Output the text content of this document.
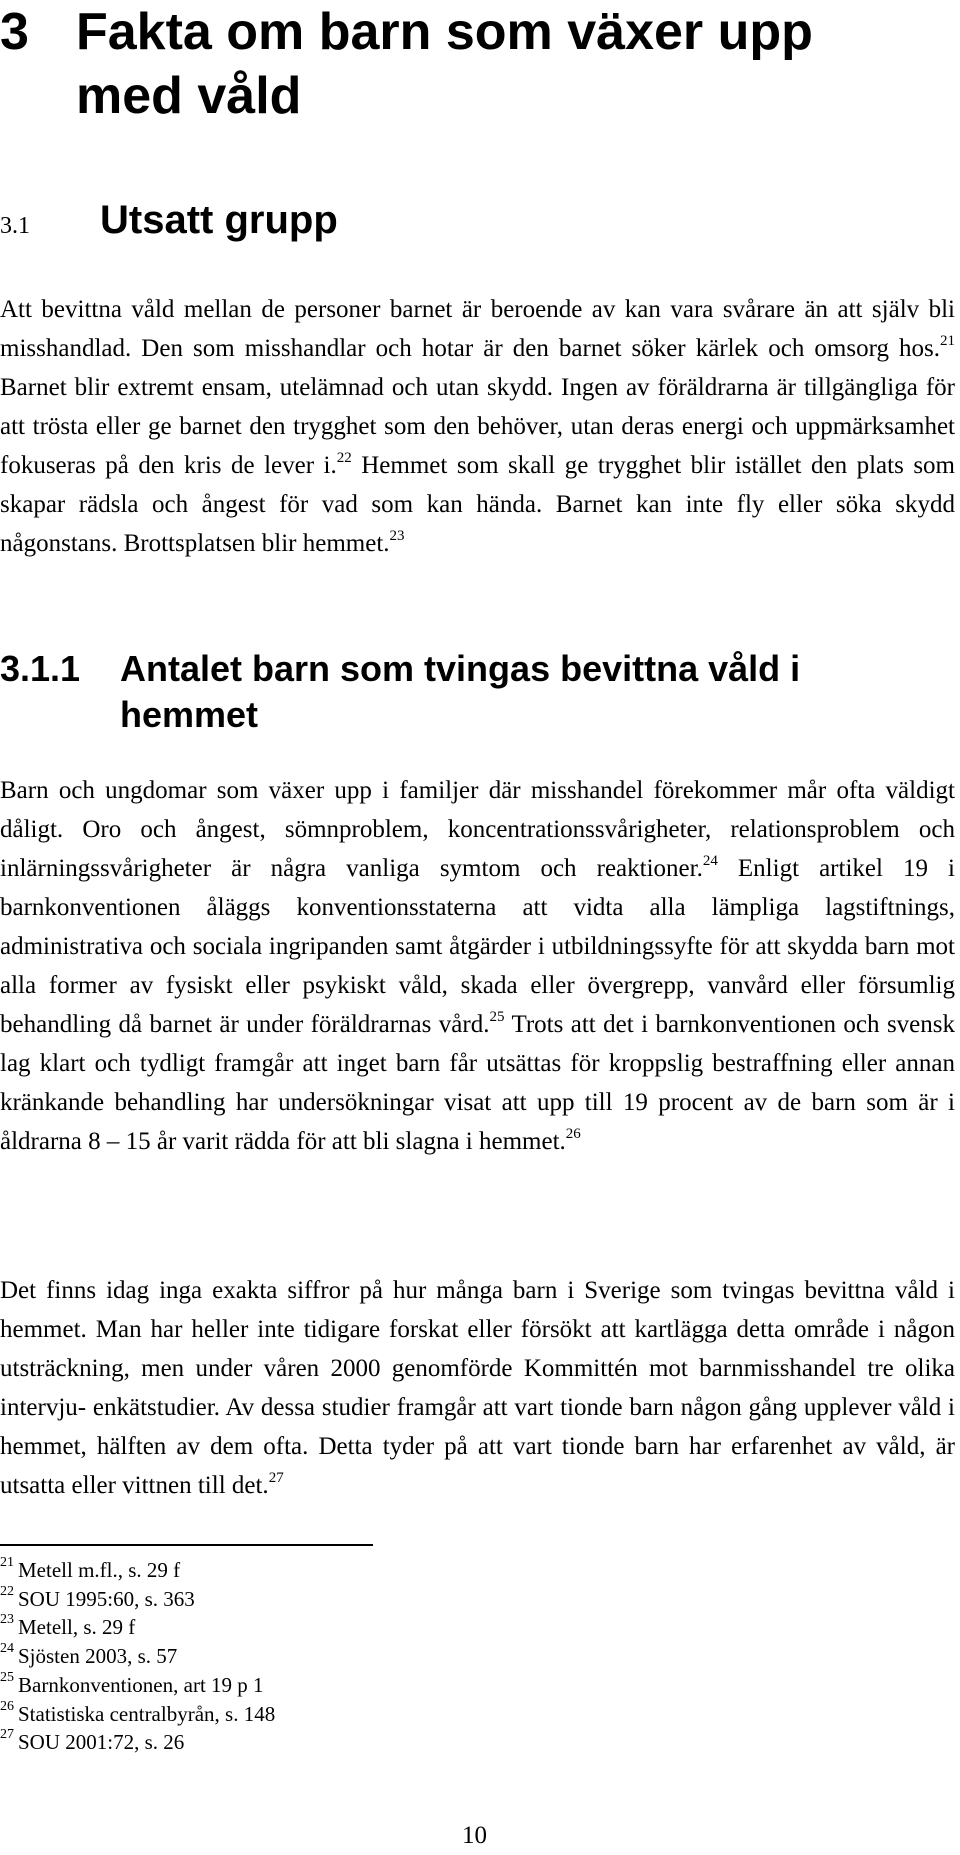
3 Fakta om barn som växer upp
med våld
3.1 Utsatt grupp

Att bevittna våld mellan de personer barnet är beroende av kan vara svårare än att själv bli misshandlad. Den som misshandlar och hotar är den barnet söker kärlek och omsorg hos.$^{21}$ Barnet blir extremt ensam, utelämnad och utan skydd. Ingen av föräldrarna är tillgängliga för att trösta eller ge barnet den trygghet som den behöver, utan deras energi och uppmärksamhet fokuseras på den kris de lever i.$^{22}$ Hemmet som skall ge trygghet blir istället den plats som skapar rädsla och ångest för vad som kan hända. Barnet kan inte fly eller söka skydd någonstans. Brottsplatsen blir hemmet.$^{23}$

3.1.1 Antalet barn som tvingas bevittna våld i
hemmet

Barn och ungdomar som växer upp i familjer där misshandel förekommer mår ofta väldigt dåligt. Oro och ångest, sömnproblem, koncentrationssvårigheter, relationsproblem och inlärningssvårigheter är några vanliga symtom och reaktioner.$^{24}$ Enligt artikel 19 i barnkonventionen åläggs konventionsstaterna att vidta alla lämpliga lagstiftnings, administrativa och sociala ingripanden samt åtgärder i utbildningssyfte för att skydda barn mot alla former av fysiskt eller psykiskt våld, skada eller övergrepp, vanvård eller försumlig behandling då barnet är under föräldrarnas vård.$^{25}$ Trots att det i barnkonventionen och svensk lag klart och tydligt framgår att inget barn får utsättas för kroppslig bestraffning eller annan kränkande behandling har undersökningar visat att upp till 19 procent av de barn som är i åldrarna 8 – 15 år varit rädda för att bli slagna i hemmet.$^{26}$

Det finns idag inga exakta siffror på hur många barn i Sverige som tvingas bevittna våld i hemmet. Man har heller inte tidigare forskat eller försökt att kartlägga detta område i någon utsträckning, men under våren 2000 genomförde Kommittén mot barnmisshandel tre olika intervju- enkätstudier. Av dessa studier framgår att vart tionde barn någon gång upplever våld i hemmet, hälften av dem ofta. Detta tyder på att vart tionde barn har erfarenhet av våld, är utsatta eller vittnen till det.$^{27}$

$^{21}$ Metell m.fl., s. 29 f
$^{22}$ SOU 1995:60, s. 363
$^{23}$ Metell, s. 29 f
$^{24}$ Sjösten 2003, s. 57
$^{25}$ Barnkonventionen, art 19 p 1
$^{26}$ Statistiska centralbyrån, s. 148
$^{27}$ SOU 2001:72, s. 26
10
